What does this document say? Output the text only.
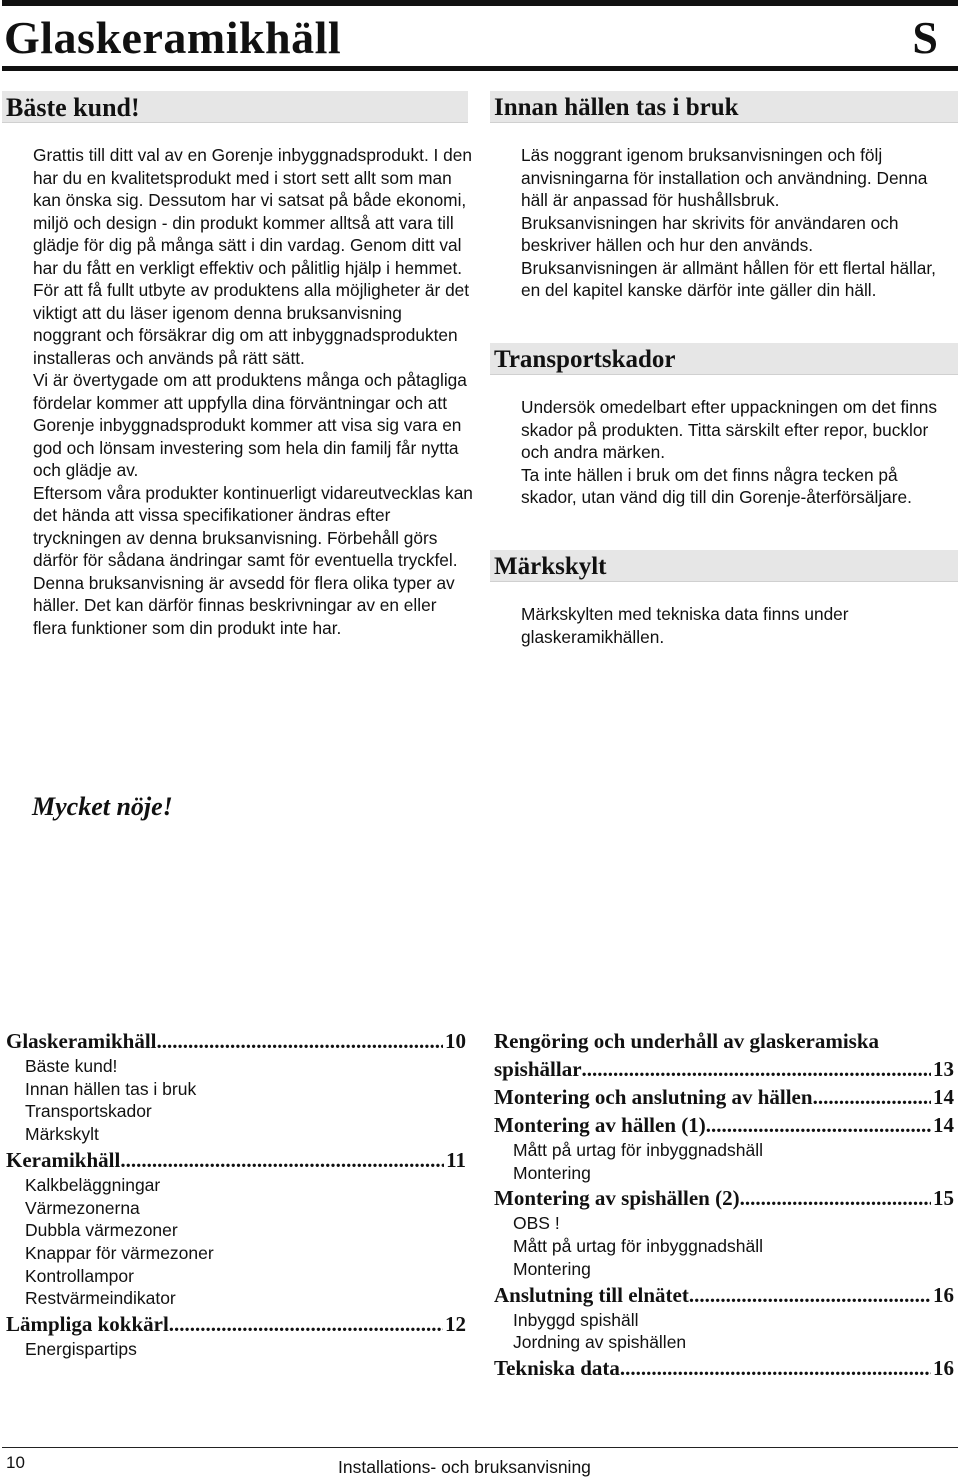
Glaskeramikhäll	S
Bäste kund!

Grattis till ditt val av en Gorenje inbyggnadsprodukt. I den har du en kvalitetsprodukt med i stort sett allt som man kan önska sig. Dessutom har vi satsat på både ekonomi, miljö och design - din produkt kommer alltså att vara till glädje för dig på många sätt i din vardag. Genom ditt val har du fått en verkligt effektiv och pålitlig hjälp i hemmet.

För att få fullt utbyte av produktens alla möjligheter är det viktigt att du läser igenom denna bruksanvisning noggrant och försäkrar dig om att inbyggnadsprodukten installeras och används på rätt sätt.

Vi är övertygade om att produktens många och påtagliga fördelar kommer att uppfylla dina förväntningar och att Gorenje inbyggnadsprodukt kommer att visa sig vara en god och lönsam investering som hela din familj får nytta och glädje av.

Eftersom våra produkter kontinuerligt vidareutvecklas kan det hända att vissa specifikationer ändras efter tryckningen av denna bruksanvisning. Förbehåll görs därför för sådana ändringar samt för eventuella tryckfel.

Denna bruksanvisning är avsedd för flera olika typer av häller. Det kan därför finnas beskrivningar av en eller flera funktioner som din produkt inte har.

Mycket nöje!
Innan hällen tas i bruk

Läs noggrant igenom bruksanvisningen och följ anvisningarna för installation och användning. Denna häll är anpassad för hushållsbruk.

Bruksanvisningen har skrivits för användaren och beskriver hällen och hur den används.

Bruksanvisningen är allmänt hållen för ett flertal hällar, en del kapitel kanske därför inte gäller din häll.

Transportskador

Undersök omedelbart efter uppackningen om det finns skador på produkten. Titta särskilt efter repor, bucklor och andra märken.

Ta inte hällen i bruk om det finns några tecken på skador, utan vänd dig till din Gorenje-återförsäljare.

Märkskylt

Märkskylten med tekniska data finns under glaskeramikhällen.

Glaskeramikhäll .....	10
Bäste kund!
Innan hällen tas i bruk
Transportskador
Märkskylt
Keramikhäll .....	11
Kalkbeläggningar
Värmezonerna
Dubbla värmezoner
Knappar för värmezoner
Kontrollampor
Restvärmeindikator
Lämpliga kokkärl .....	12
Energispartips
Rengöring och underhåll av glaskeramiska
spishällar .....	13
Montering och anslutning av hällen .....	14
Montering av hällen (1) .....	14
Mått på urtag för inbyggnadshäll
Montering
Montering av spishällen (2) .....	15
OBS !
Mått på urtag för inbyggnadshäll
Montering
Anslutning till elnätet .....	16
Inbyggd spishäll
Jordning av spishällen
Tekniska data .....	16
10	Installations- och bruksanvisning
